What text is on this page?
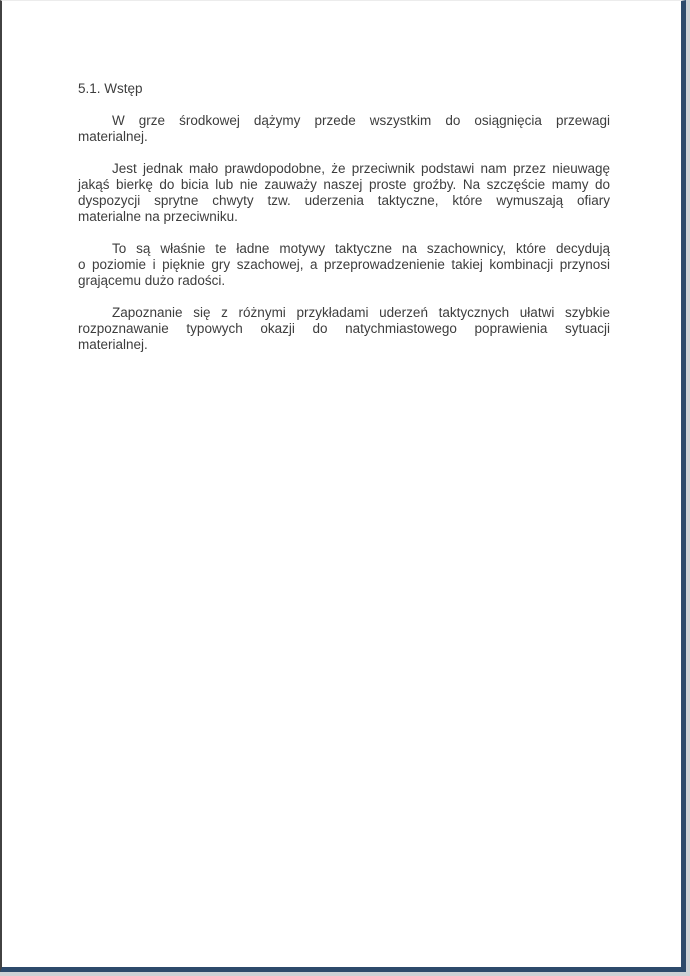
5.1. Wstęp
W grze środkowej dążymy przede wszystkim do osiągnięcia przewagi
materialnej.
Jest jednak mało prawdopodobne, że przeciwnik podstawi nam przez nieuwagę
jakąś bierkę do bicia lub nie zauważy naszej proste groźby. Na szczęście mamy do
dyspozycji sprytne chwyty tzw. uderzenia taktyczne, które wymuszają ofiary
materialne na przeciwniku.
To są właśnie te ładne motywy taktyczne na szachownicy, które decydują
o poziomie i pięknie gry szachowej, a przeprowadzenienie takiej kombinacji przynosi
grającemu dużo radości.
Zapoznanie się z różnymi przykładami uderzeń taktycznych ułatwi szybkie
rozpoznawanie typowych okazji do natychmiastowego poprawienia sytuacji
materialnej.
